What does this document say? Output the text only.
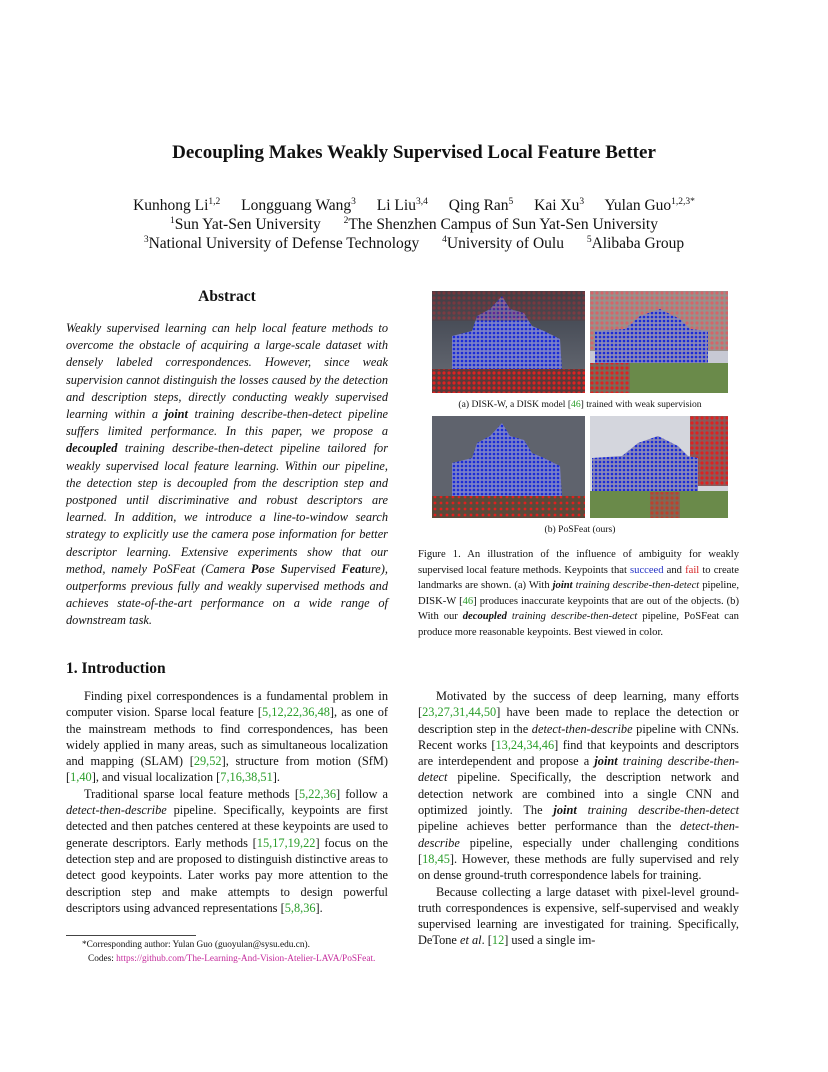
Decoupling Makes Weakly Supervised Local Feature Better
Kunhong Li$^{1,2}$ Longguang Wang$^3$ Li Liu$^{3,4}$ Qing Ran$^5$ Kai Xu$^3$ Yulan Guo$^{1,2,3*}$
$^1$Sun Yat-Sen University $^2$The Shenzhen Campus of Sun Yat-Sen University
$^3$National University of Defense Technology $^4$University of Oulu $^5$Alibaba Group
Abstract
Weakly supervised learning can help local feature methods to overcome the obstacle of acquiring a large-scale dataset with densely labeled correspondences. However, since weak supervision cannot distinguish the losses caused by the detection and description steps, directly conducting weakly supervised learning within a joint training describe-then-detect pipeline suffers limited performance. In this paper, we propose a decoupled training describe-then-detect pipeline tailored for weakly supervised local feature learning. Within our pipeline, the detection step is decoupled from the description step and postponed until discriminative and robust descriptors are learned. In addition, we introduce a line-to-window search strategy to explicitly use the camera pose information for better descriptor learning. Extensive experiments show that our method, namely PoSFeat (Camera Pose Supervised Feature), outperforms previous fully and weakly supervised methods and achieves state-of-the-art performance on a wide range of downstream task.
(a) DISK-W, a DISK model [46] trained with weak supervision
(b) PoSFeat (ours)
Figure 1. An illustration of the influence of ambiguity for weakly supervised local feature methods. Keypoints that succeed and fail to create landmarks are shown. (a) With joint training describe-then-detect pipeline, DISK-W [46] produces inaccurate keypoints that are out of the objects. (b) With our decoupled training describe-then-detect pipeline, PoSFeat can produce more reasonable keypoints. Best viewed in color.
1. Introduction

Finding pixel correspondences is a fundamental problem in computer vision. Sparse local feature [5,12,22,36,48], as one of the mainstream methods to find correspondences, has been widely applied in many areas, such as simultaneous localization and mapping (SLAM) [29,52], structure from motion (SfM) [1,40], and visual localization [7,16,38,51].

Traditional sparse local feature methods [5,22,36] follow a detect-then-describe pipeline. Specifically, keypoints are first detected and then patches centered at these keypoints are used to generate descriptors. Early methods [15,17,19,22] focus on the detection step and are proposed to distinguish distinctive areas to detect good keypoints. Later works pay more attention to the description step and make attempts to design powerful descriptors using advanced representations [5,8,36].

*Corresponding author: Yulan Guo (guoyulan@sysu.edu.cn).
Codes: https://github.com/The-Learning-And-Vision-Atelier-LAVA/PoSFeat.

Motivated by the success of deep learning, many efforts [23,27,31,44,50] have been made to replace the detection or description step in the detect-then-describe pipeline with CNNs. Recent works [13,24,34,46] find that keypoints and descriptors are interdependent and propose a joint training describe-then-detect pipeline. Specifically, the description network and detection network are combined into a single CNN and optimized jointly. The joint training describe-then-detect pipeline achieves better performance than the detect-then-describe pipeline, especially under challenging conditions [18,45]. However, these methods are fully supervised and rely on dense ground-truth correspondence labels for training.

Because collecting a large dataset with pixel-level ground-truth correspondences is expensive, self-supervised and weakly supervised learning are investigated for training. Specifically, DeTone et al. [12] used a single im-
